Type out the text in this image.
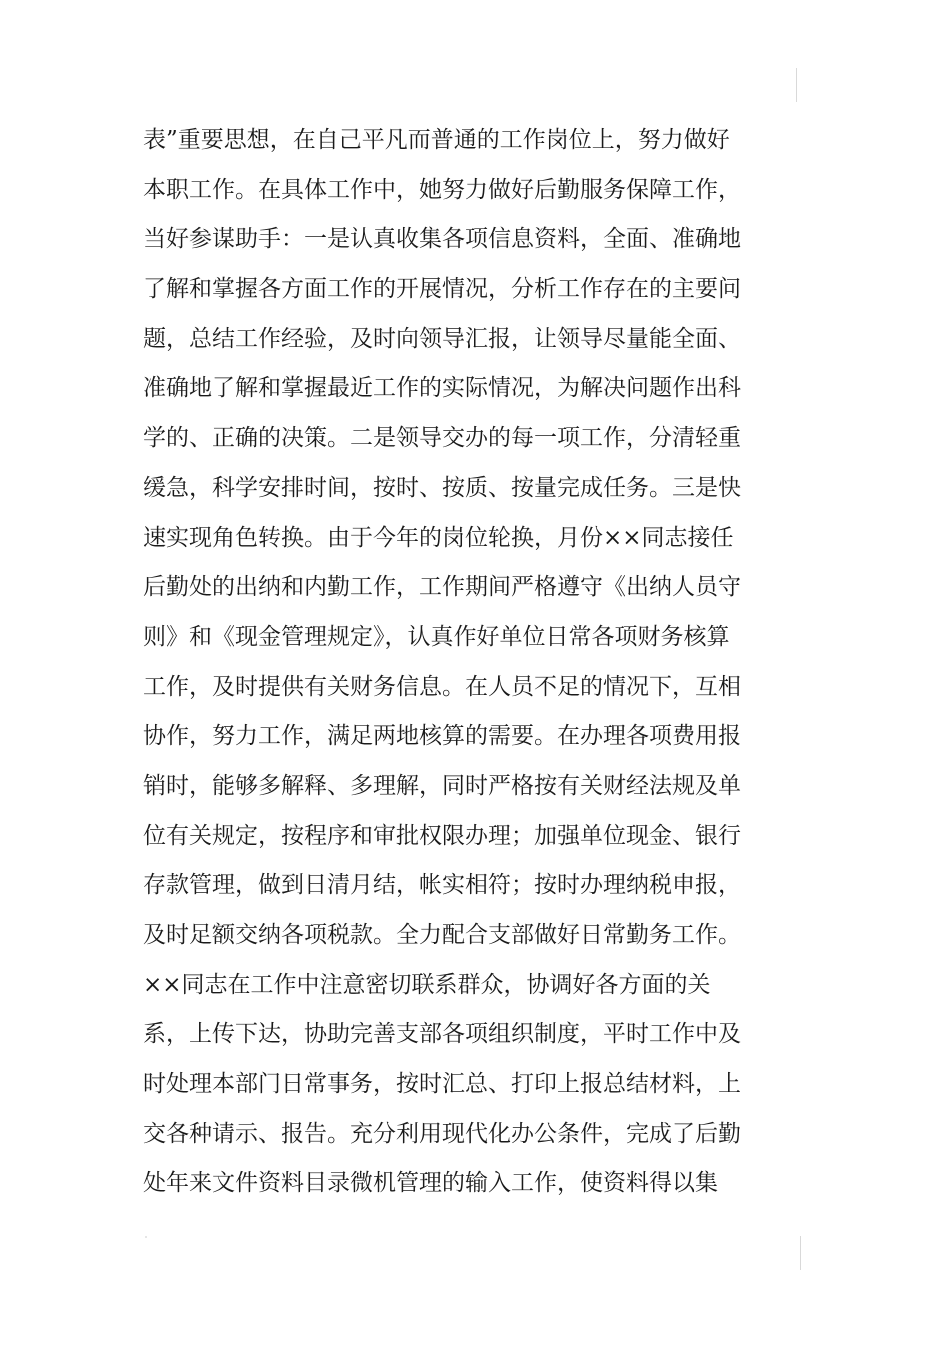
表”重要思想，在自己平凡而普通的工作岗位上，努力做好
本职工作。在具体工作中，她努力做好后勤服务保障工作，
当好参谋助手：一是认真收集各项信息资料，全面、准确地
了解和掌握各方面工作的开展情况，分析工作存在的主要问
题，总结工作经验，及时向领导汇报，让领导尽量能全面、
准确地了解和掌握最近工作的实际情况，为解决问题作出科
学的、正确的决策。二是领导交办的每一项工作，分清轻重
缓急，科学安排时间，按时、按质、按量完成任务。三是快
速实现角色转换。由于今年的岗位轮换，月份××同志接任
后勤处的出纳和内勤工作，工作期间严格遵守《出纳人员守
则》和《现金管理规定》，认真作好单位日常各项财务核算
工作，及时提供有关财务信息。在人员不足的情况下，互相
协作，努力工作，满足两地核算的需要。在办理各项费用报
销时，能够多解释、多理解，同时严格按有关财经法规及单
位有关规定，按程序和审批权限办理；加强单位现金、银行
存款管理，做到日清月结，帐实相符；按时办理纳税申报，
及时足额交纳各项税款。全力配合支部做好日常勤务工作。
××同志在工作中注意密切联系群众，协调好各方面的关
系，上传下达，协助完善支部各项组织制度，平时工作中及
时处理本部门日常事务，按时汇总、打印上报总结材料，上
交各种请示、报告。充分利用现代化办公条件，完成了后勤
处年来文件资料目录微机管理的输入工作，使资料得以集
